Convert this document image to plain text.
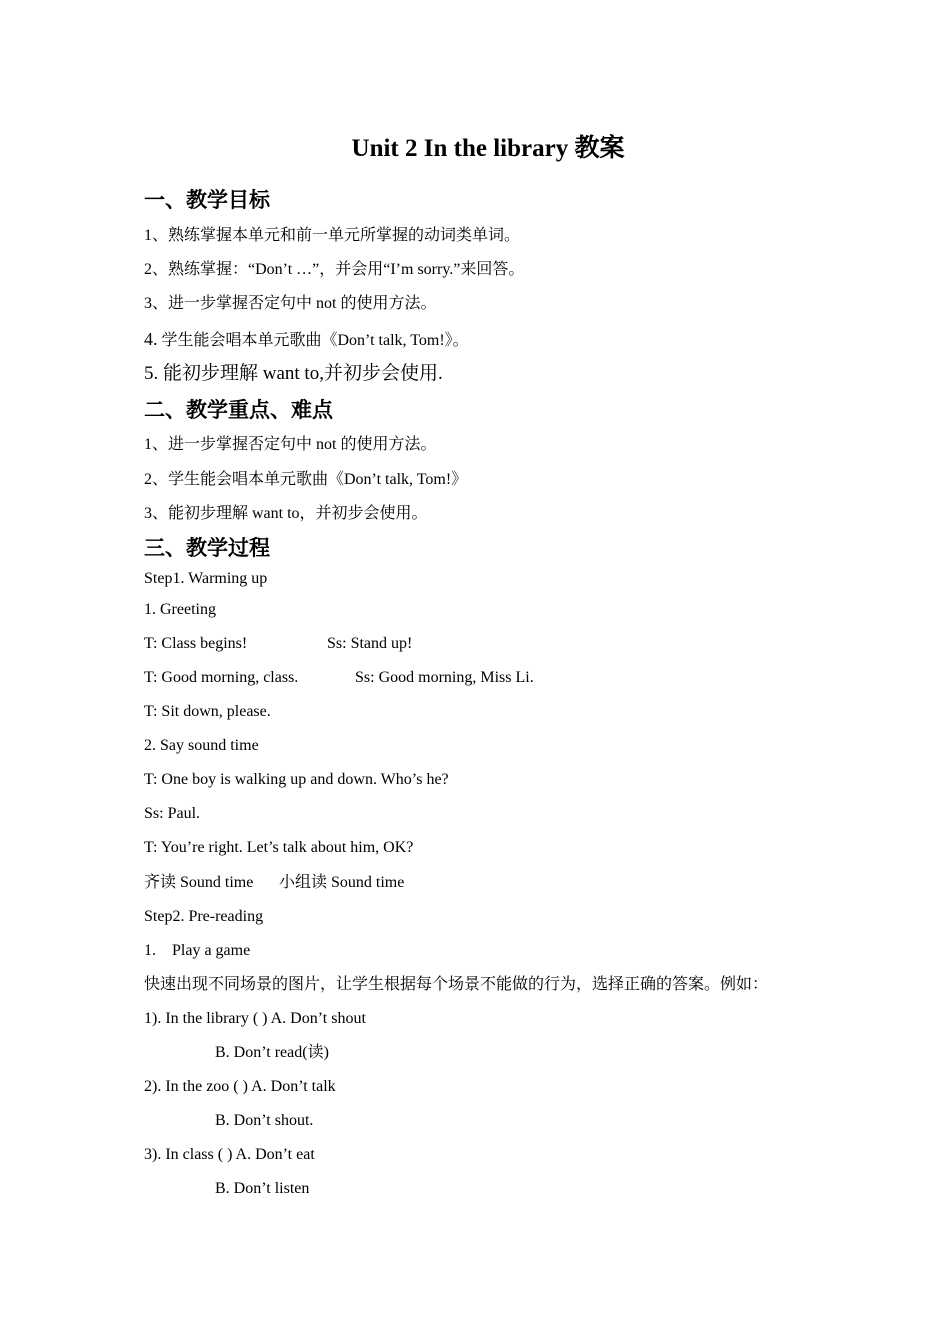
Unit 2 In the library 教案
一、教学目标
1、熟练掌握本单元和前一单元所掌握的动词类单词。
2、熟练掌握：“Don’t …”，并会用“I’m sorry.”来回答。
3、进一步掌握否定句中 not 的使用方法。
4. 学生能会唱本单元歌曲《Don’t talk, Tom!》。
5. 能初步理解 want to,并初步会使用.
二、教学重点、难点
1、进一步掌握否定句中 not 的使用方法。
2、学生能会唱本单元歌曲《Don’t talk, Tom!》
3、能初步理解 want to，并初步会使用。
三、教学过程
Step1. Warming up
1. Greeting
T: Class begins!	Ss: Stand up!
T: Good morning, class.	Ss: Good morning, Miss Li.
T: Sit down, please.
2. Say sound time
T: One boy is walking up and down. Who’s he?
Ss: Paul.
T: You’re right. Let’s talk about him, OK?
齐读 Sound time 小组读 Sound time
Step2. Pre-reading
1. Play a game
快速出现不同场景的图片，让学生根据每个场景不能做的行为，选择正确的答案。例如：
1). In the library ( ) A. Don’t shout
B. Don’t read(读)
2). In the zoo ( ) A. Don’t talk
B. Don’t shout.
3). In class ( ) A. Don’t eat
B. Don’t listen
